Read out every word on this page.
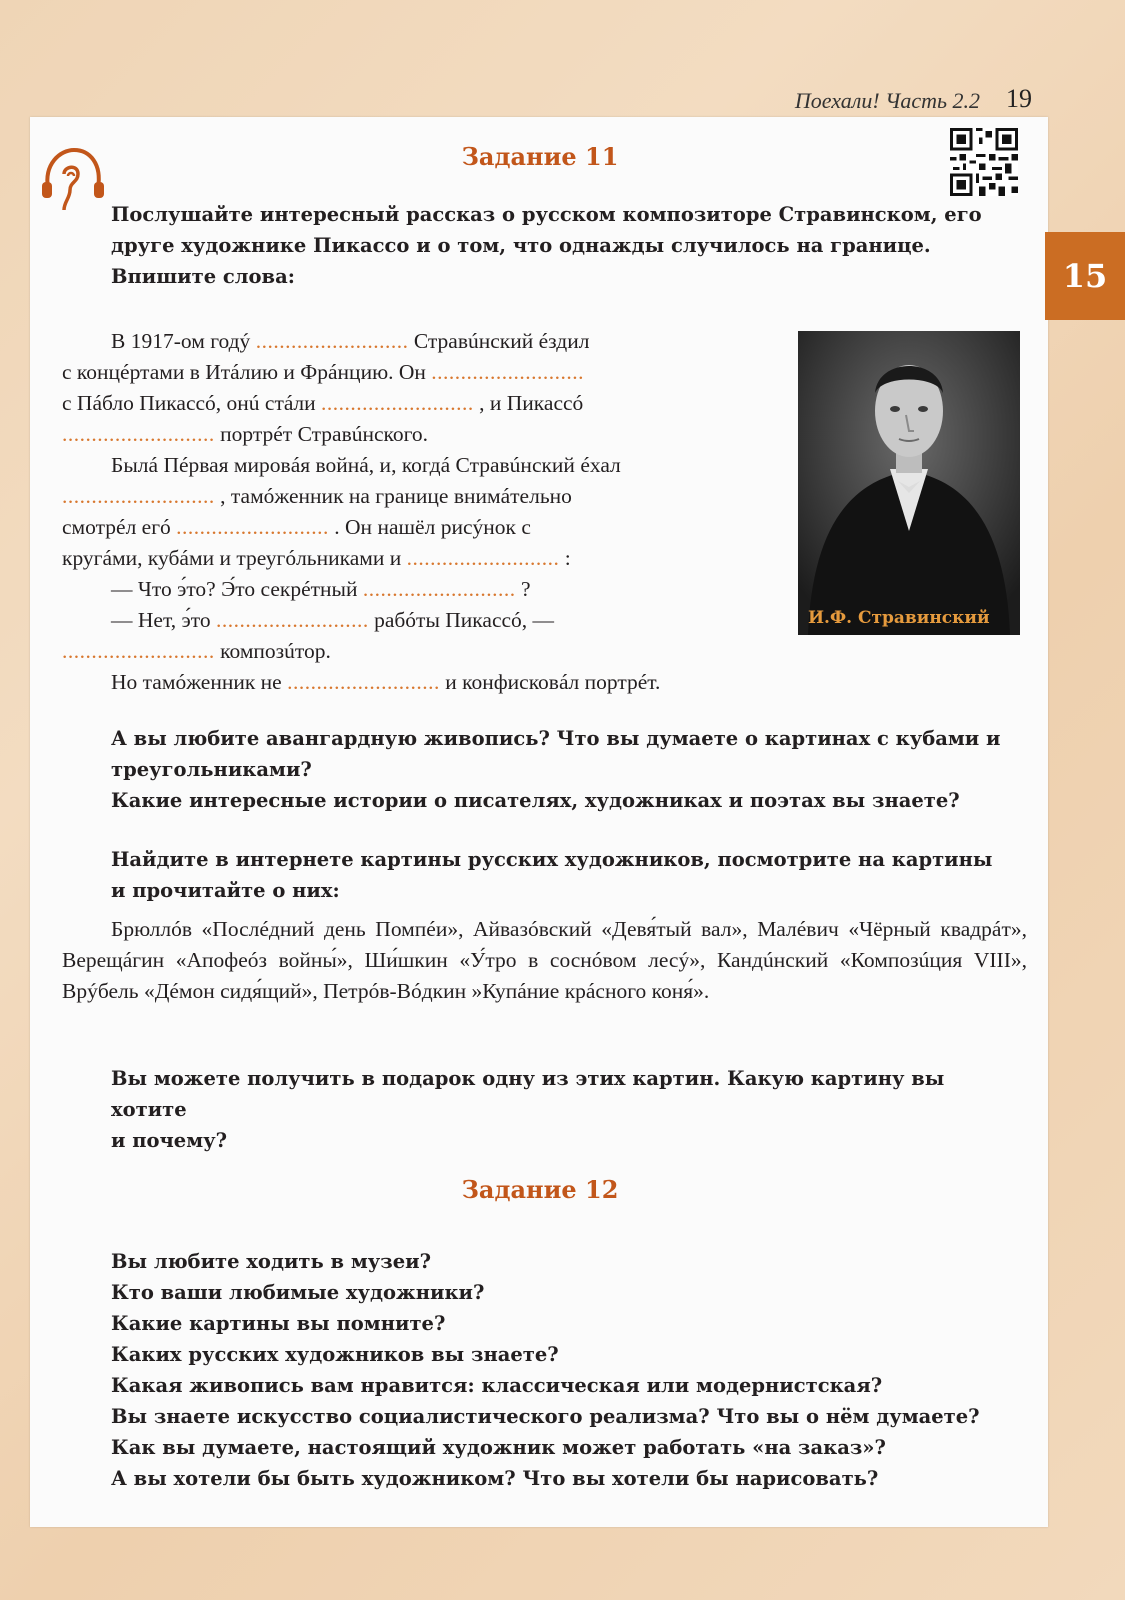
Поехали! Часть 2.2 19
15
Задание 11

Послушайте интересный рассказ о русском композиторе Стравинском, его

друге художнике Пикассо и о том, что однажды случилось на границе.

Впишите слова:

В 1917-ом годý .......................... Стравúнский éздил
с концéртами в Итáлию и Фрáнцию. Он ..........................
с Пáбло Пикассó, онú стáли .......................... , и Пикассó
.......................... портрéт Стравúнского.
Былá Пéрвая мировáя войнá, и, когдá Стравúнский éхал
.......................... , тамóженник на границе внимáтельно
смотрéл егó .......................... . Он нашёл рисýнок с
кругáми, кубáми и треугóльниками и .......................... :
— Что э́то? Э́то секрéтный .......................... ?
— Нет, э́то .......................... рабóты Пикассó, —
.......................... композúтор.
Но тамóженник не .......................... и конфисковáл портрéт.
И.Ф. Стравинский

А вы любите авангардную живопись? Что вы думаете о картинах с кубами и

треугольниками?

Какие интересные истории о писателях, художниках и поэтах вы знаете?

Найдите в интернете картины русских художников, посмотрите на картины

и прочитайте о них:

Брюллóв «Послéдний день Помпéи», Айвазóвский «Девя́тый вал», Малéвич «Чёрный квадрáт», Верещáгин «Апофеóз войны́», Ши́шкин «У́тро в соснóвом лесý», Кандúнский «Композúция VIII», Врýбель «Дéмон сидя́щий», Петрóв-Вóдкин »Купáние крáсного коня́».

Вы можете получить в подарок одну из этих картин. Какую картину вы хотите

и почему?

Задание 12
Вы любите ходить в музеи?
Кто ваши любимые художники?
Какие картины вы помните?
Каких русских художников вы знаете?
Какая живопись вам нравится: классическая или модернистская?
Вы знаете искусство социалистического реализма? Что вы о нём думаете?
Как вы думаете, настоящий художник может работать «на заказ»?
А вы хотели бы быть художником? Что вы хотели бы нарисовать?
